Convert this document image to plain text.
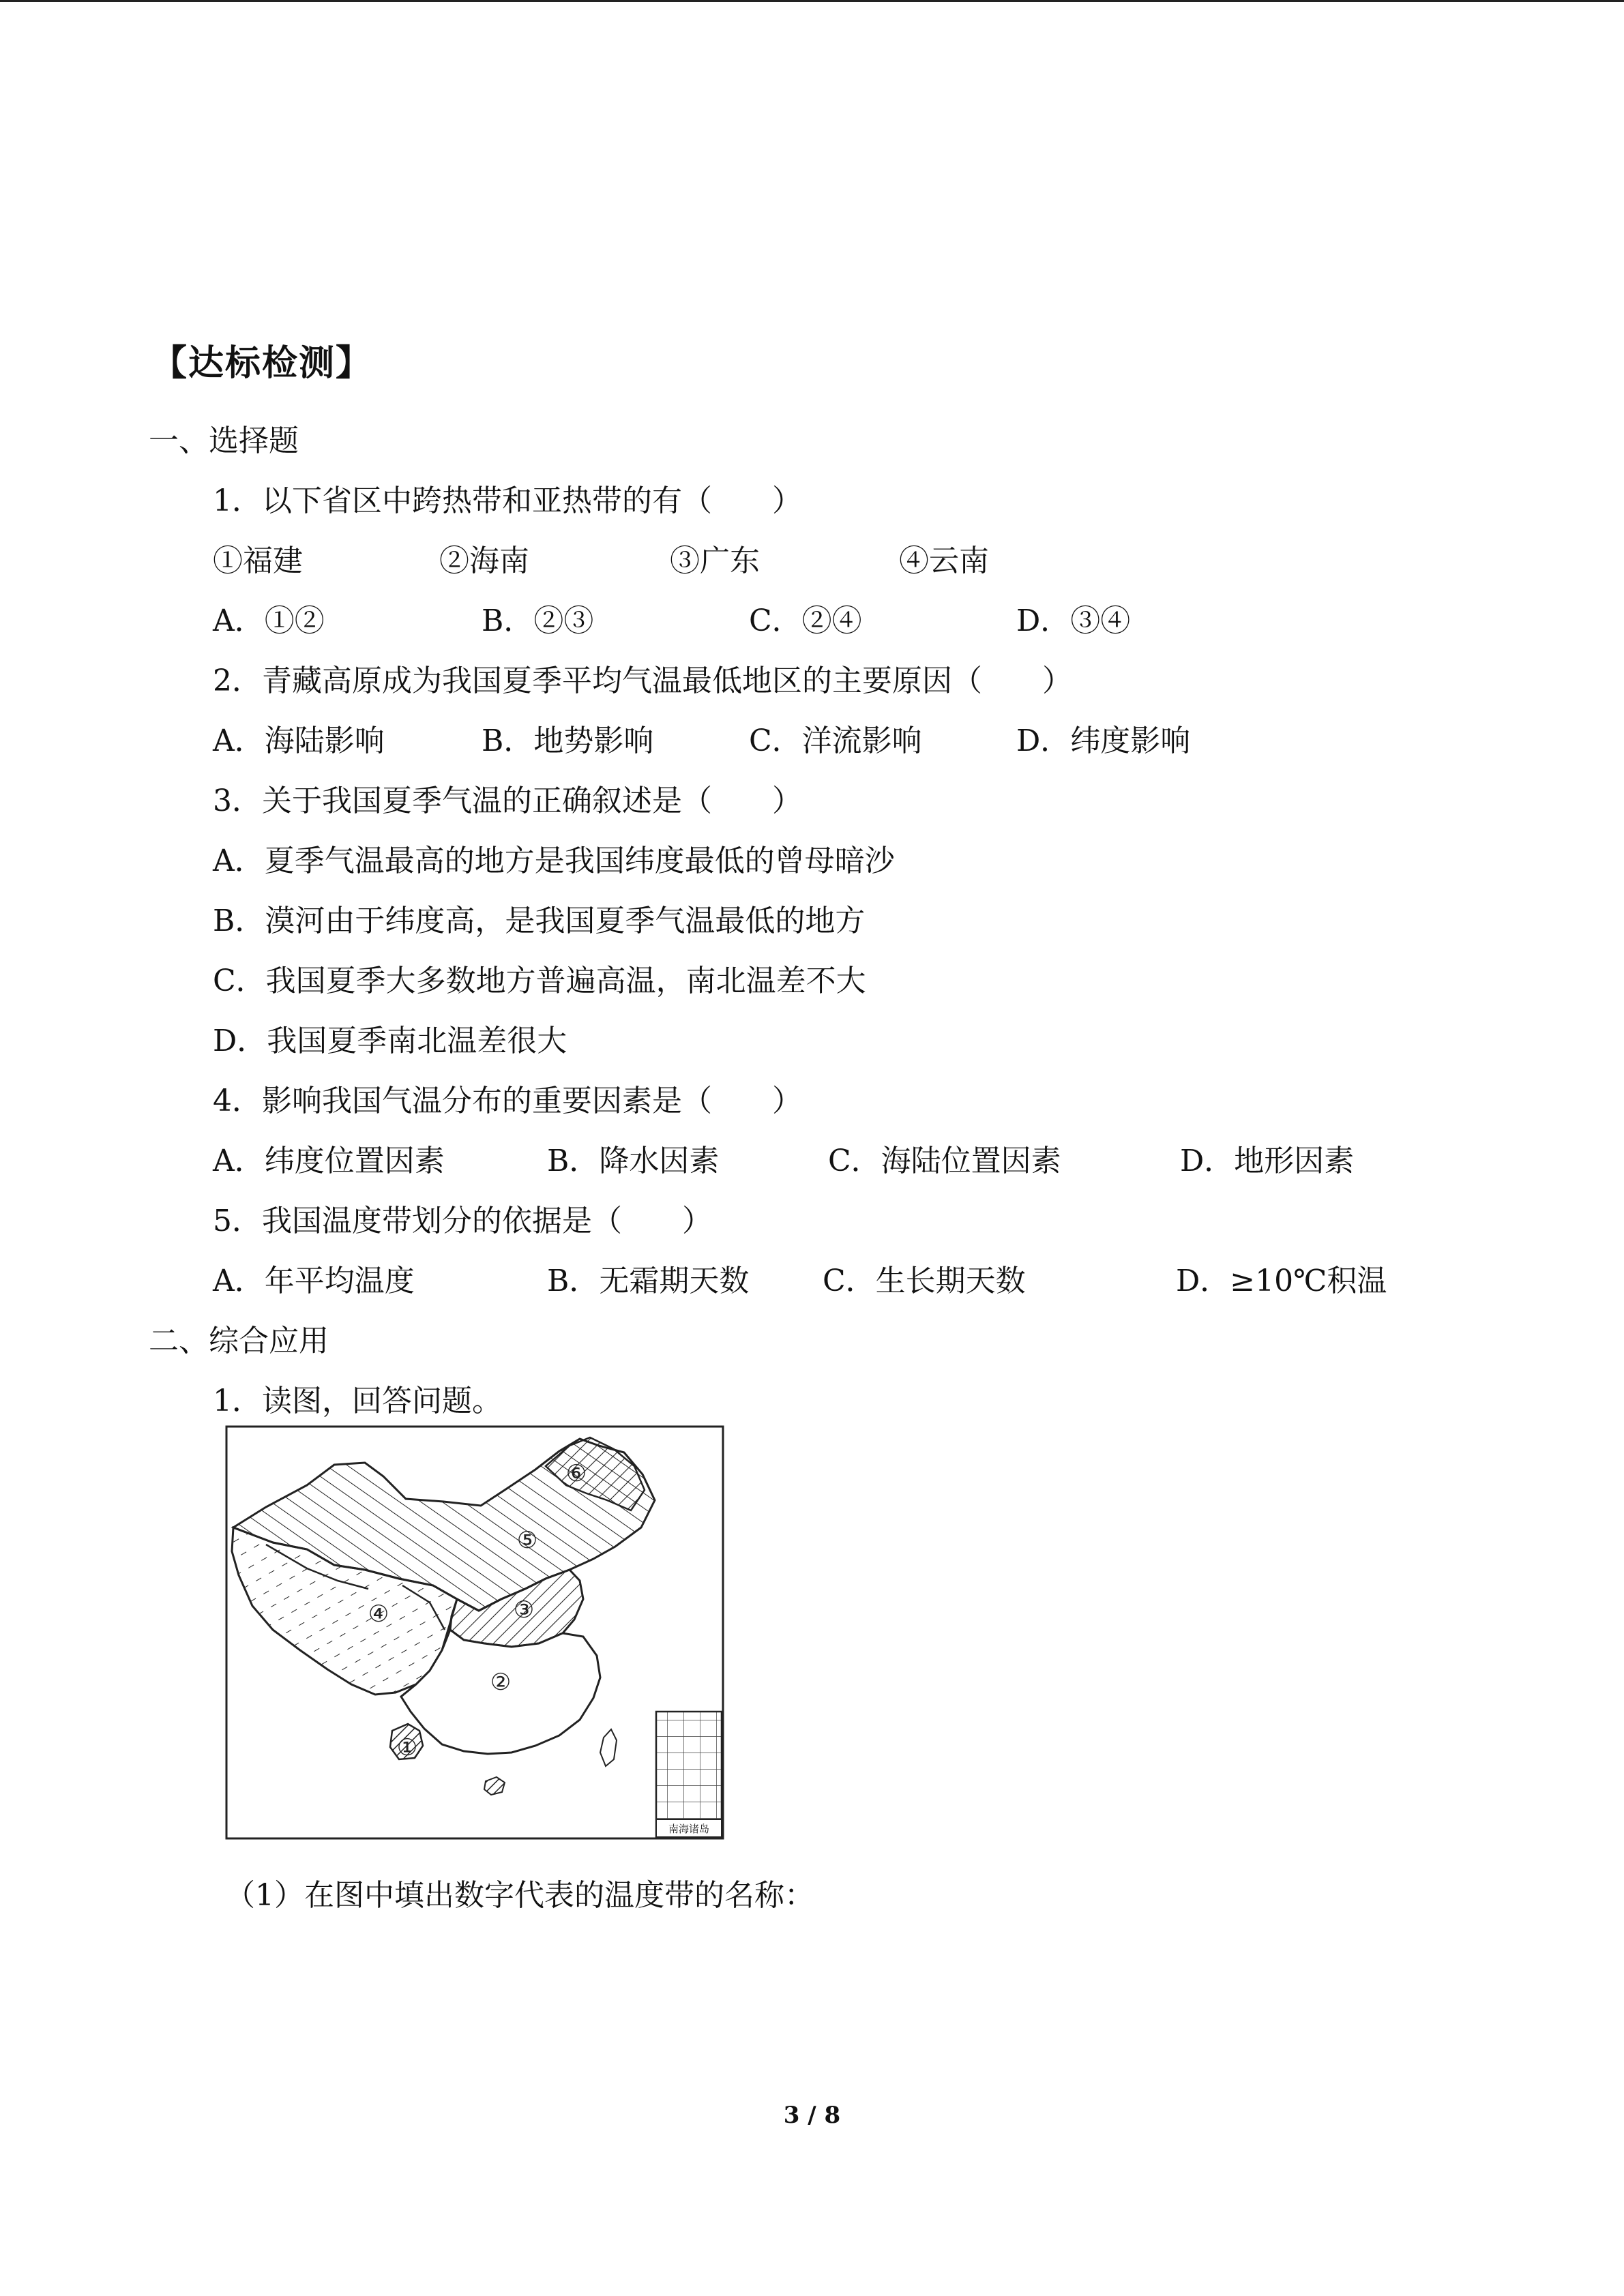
【达标检测】
一、选择题
1．以下省区中跨热带和亚热带的有（　　）
①福建	②海南	③广东	④云南
A．①②	B．②③	C．②④	D．③④
2．青藏高原成为我国夏季平均气温最低地区的主要原因（　　）
A．海陆影响	B．地势影响	C．洋流影响	D．纬度影响
3．关于我国夏季气温的正确叙述是（　　）
A．夏季气温最高的地方是我国纬度最低的曾母暗沙
B．漠河由于纬度高，是我国夏季气温最低的地方
C．我国夏季大多数地方普遍高温，南北温差不大
D．我国夏季南北温差很大
4．影响我国气温分布的重要因素是（　　）
A．纬度位置因素	B．降水因素	C．海陆位置因素	D．地形因素
5．我国温度带划分的依据是（　　）
A．年平均温度	B．无霜期天数 C．生长期天数	D．≥10℃积温
二、综合应用
1．读图，回答问题。
南海诸岛
①
②
③
④
⑤
⑥
（1）在图中填出数字代表的温度带的名称：
3 / 8
